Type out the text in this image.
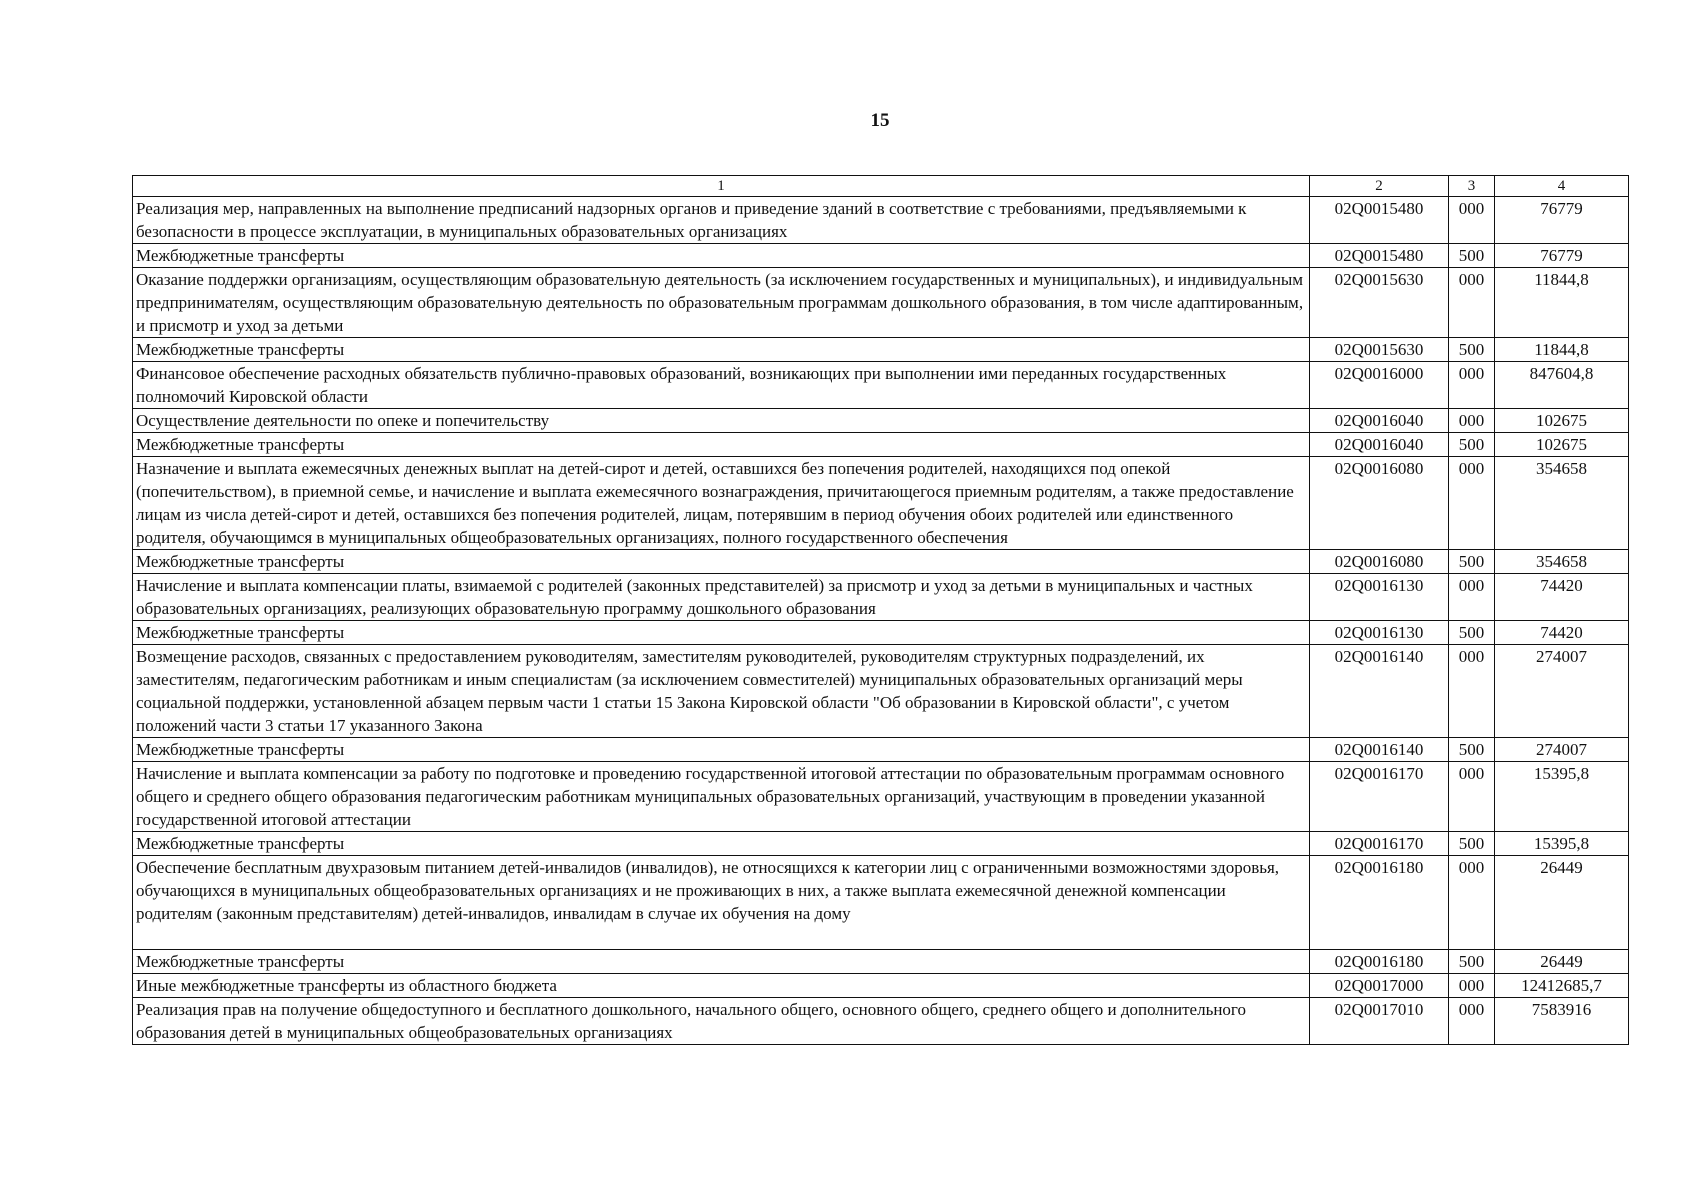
15
1	2	3	4
Реализация мер, направленных на выполнение предписаний надзорных органов и приведение зданий в соответствие с требованиями, предъявляемыми к безопасности в процессе эксплуатации, в муниципальных образовательных организациях	02Q0015480	000	76779
Межбюджетные трансферты	02Q0015480	500	76779
Оказание поддержки организациям, осуществляющим образовательную деятельность (за исключением государственных и муниципальных), и индивидуальным предпринимателям, осуществляющим образовательную деятельность по образовательным программам дошкольного образования, в том числе адаптированным, и присмотр и уход за детьми	02Q0015630	000	11844,8
Межбюджетные трансферты	02Q0015630	500	11844,8
Финансовое обеспечение расходных обязательств публично-правовых образований, возникающих при выполнении ими переданных государственных полномочий Кировской области	02Q0016000	000	847604,8
Осуществление деятельности по опеке и попечительству	02Q0016040	000	102675
Межбюджетные трансферты	02Q0016040	500	102675
Назначение и выплата ежемесячных денежных выплат на детей-сирот и детей, оставшихся без попечения родителей, находящихся под опекой (попечительством), в приемной семье, и начисление и выплата ежемесячного вознаграждения, причитающегося приемным родителям, а также предоставление лицам из числа детей-сирот и детей, оставшихся без попечения родителей, лицам, потерявшим в период обучения обоих родителей или единственного родителя, обучающимся в муниципальных общеобразовательных организациях, полного государственного обеспечения	02Q0016080	000	354658
Межбюджетные трансферты	02Q0016080	500	354658
Начисление и выплата компенсации платы, взимаемой с родителей (законных представителей) за присмотр и уход за детьми в муниципальных и частных образовательных организациях, реализующих образовательную программу дошкольного образования	02Q0016130	000	74420
Межбюджетные трансферты	02Q0016130	500	74420
Возмещение расходов, связанных с предоставлением руководителям, заместителям руководителей, руководителям структурных подразделений, их заместителям, педагогическим работникам и иным специалистам (за исключением совместителей) муниципальных образовательных организаций меры социальной поддержки, установленной абзацем первым части 1 статьи 15 Закона Кировской области "Об образовании в Кировской области", с учетом положений части 3 статьи 17 указанного Закона	02Q0016140	000	274007
Межбюджетные трансферты	02Q0016140	500	274007
Начисление и выплата компенсации за работу по подготовке и проведению государственной итоговой аттестации по образовательным программам основного общего и среднего общего образования педагогическим работникам муниципальных образовательных организаций, участвующим в проведении указанной государственной итоговой аттестации	02Q0016170	000	15395,8
Межбюджетные трансферты	02Q0016170	500	15395,8
Обеспечение бесплатным двухразовым питанием детей-инвалидов (инвалидов), не относящихся к категории лиц с ограниченными возможностями здоровья, обучающихся в муниципальных общеобразовательных организациях и не проживающих в них, а также выплата ежемесячной денежной компенсации родителям (законным представителям) детей-инвалидов, инвалидам в случае их обучения на дому	02Q0016180	000	26449
Межбюджетные трансферты	02Q0016180	500	26449
Иные межбюджетные трансферты из областного бюджета	02Q0017000	000	12412685,7
Реализация прав на получение общедоступного и бесплатного дошкольного, начального общего, основного общего, среднего общего и дополнительного образования детей в муниципальных общеобразовательных организациях	02Q0017010	000	7583916
